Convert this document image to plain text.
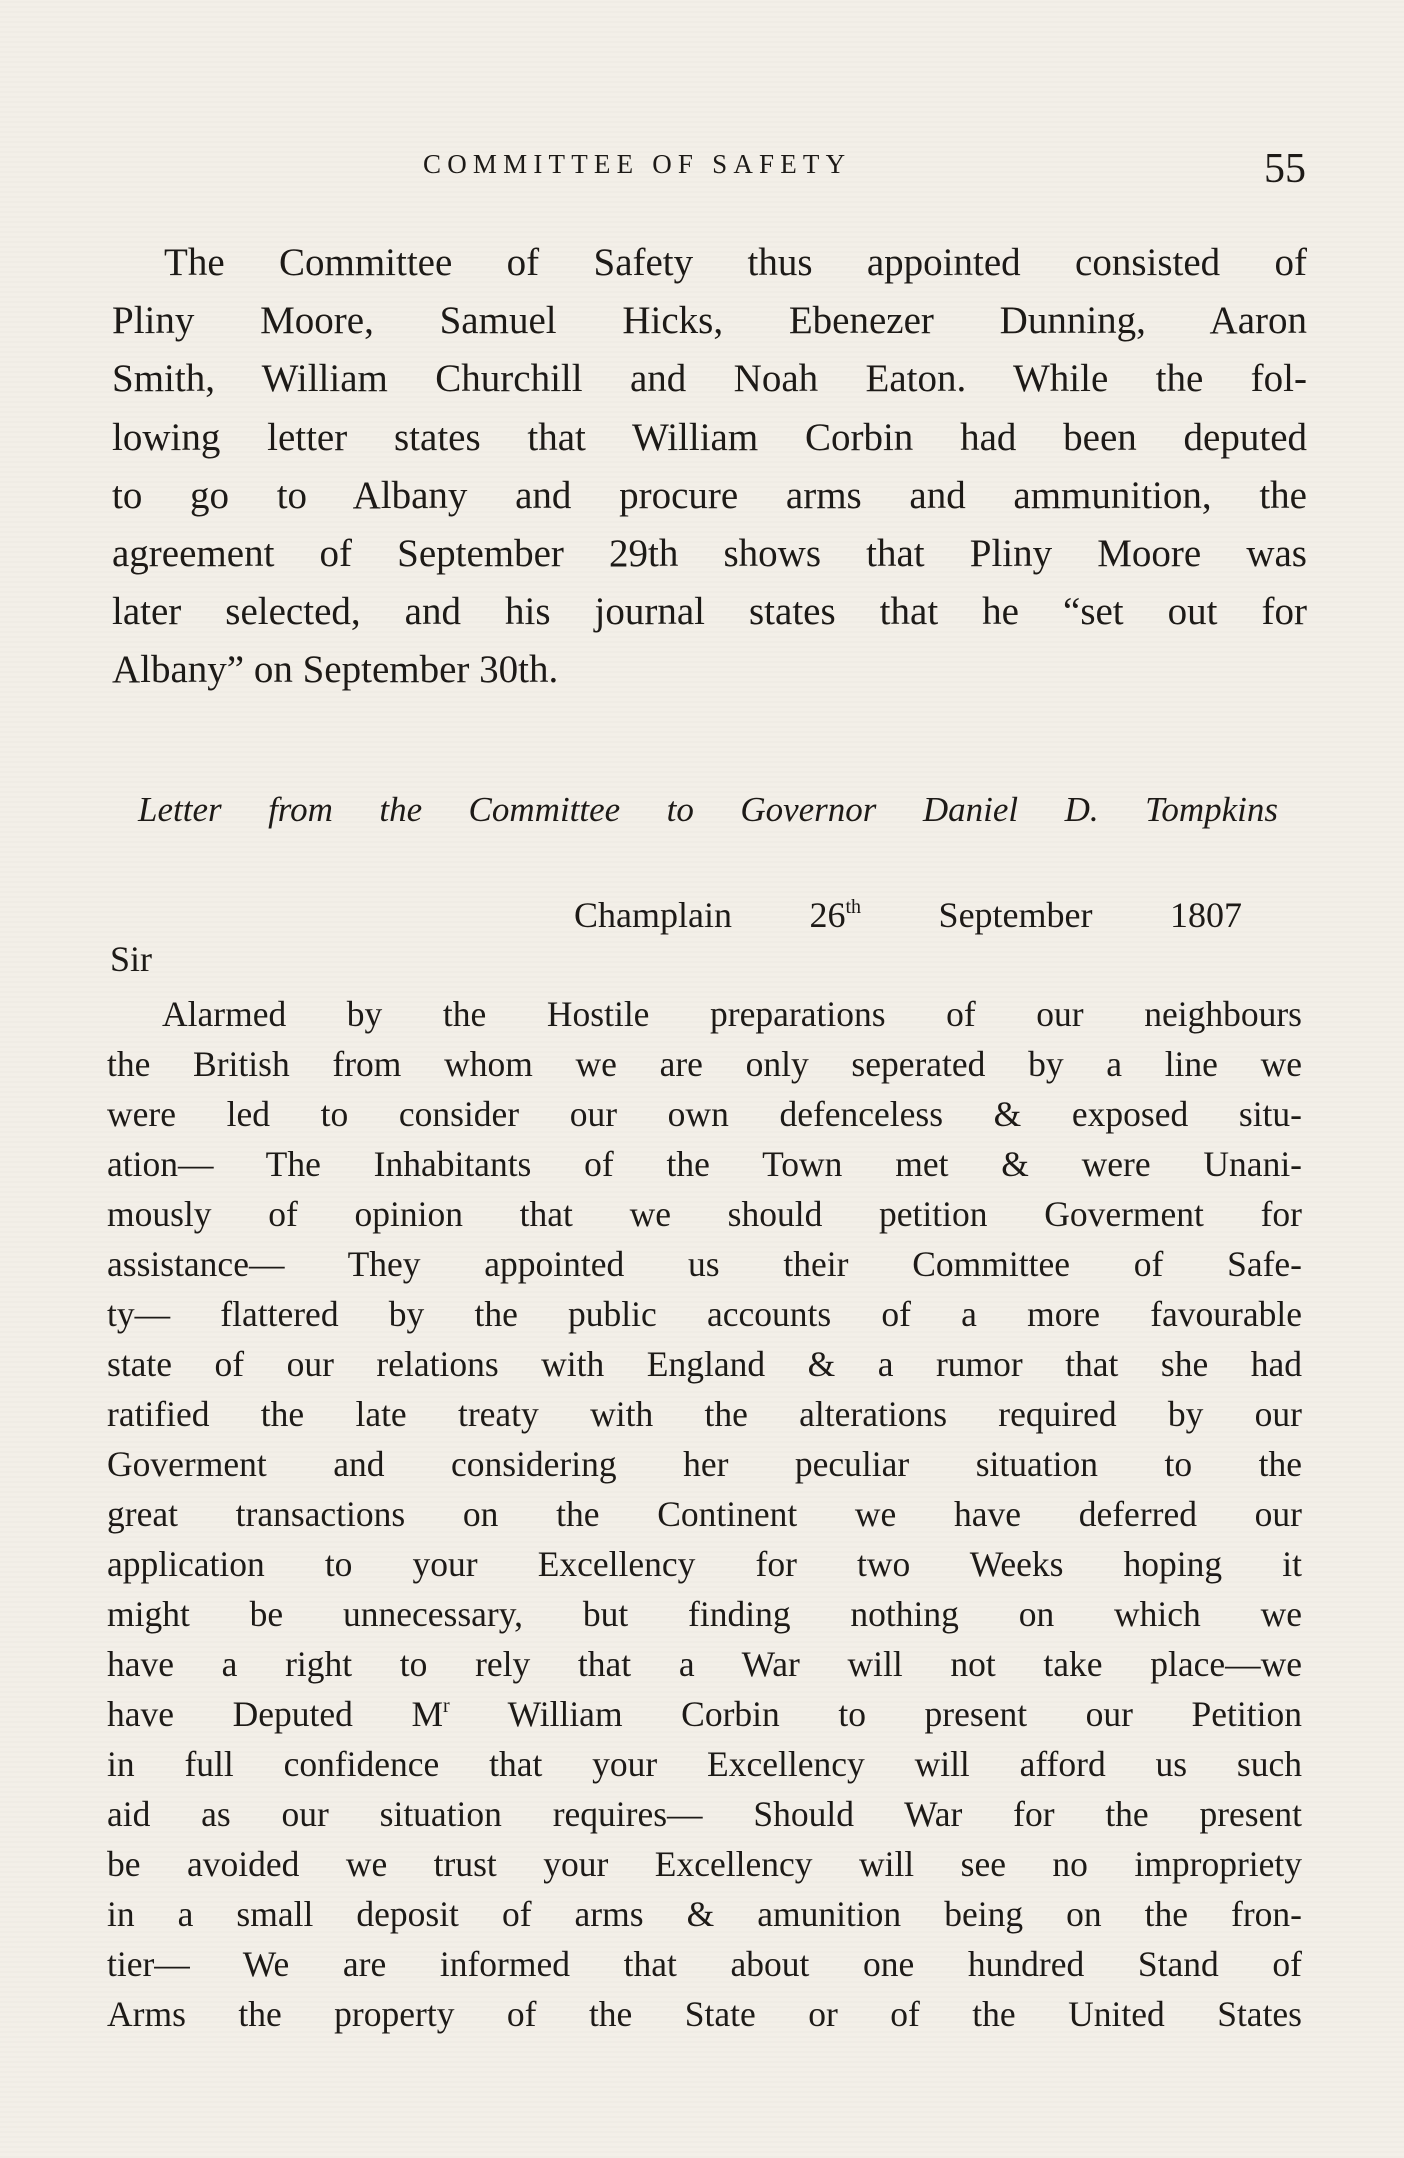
COMMITTEE OF SAFETY	55
The Committee of Safety thus appointed consisted of
Pliny Moore, Samuel Hicks, Ebenezer Dunning, Aaron
Smith, William Churchill and Noah Eaton. While the fol-
lowing letter states that William Corbin had been deputed
to go to Albany and procure arms and ammunition, the
agreement of September 29th shows that Pliny Moore was
later selected, and his journal states that he “set out for
Albany” on September 30th.
Letter from the Committee to Governor Daniel D. Tompkins
Champlain 26th September 1807
Sir
Alarmed by the Hostile preparations of our neighbours
the British from whom we are only seperated by a line we
were led to consider our own defenceless & exposed situ-
ation— The Inhabitants of the Town met & were Unani-
mously of opinion that we should petition Goverment for
assistance— They appointed us their Committee of Safe-
ty— flattered by the public accounts of a more favourable
state of our relations with England & a rumor that she had
ratified the late treaty with the alterations required by our
Goverment and considering her peculiar situation to the
great transactions on the Continent we have deferred our
application to your Excellency for two Weeks hoping it
might be unnecessary, but finding nothing on which we
have a right to rely that a War will not take place—we
have Deputed $M^r$ William Corbin to present our Petition
in full confidence that your Excellency will afford us such
aid as our situation requires— Should War for the present
be avoided we trust your Excellency will see no impropriety
in a small deposit of arms & amunition being on the fron-
tier— We are informed that about one hundred Stand of
Arms the property of the State or of the United States
